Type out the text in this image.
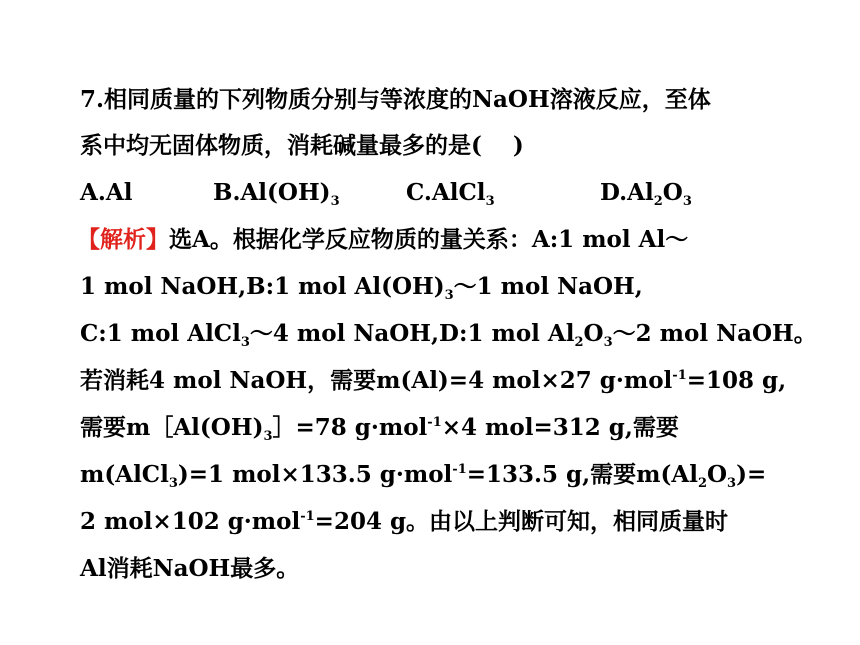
7.相同质量的下列物质分别与等浓度的NaOH溶液反应，至体
系中均无固体物质，消耗碱量最多的是(　 )
A.Al	$B.Al(OH)_3$	C.AlCl$_3$	$D.Al_2O_3$
【解析】选A。根据化学反应物质的量关系：A:1 mol Al～
1 mol NaOH,B:1 mol $Al(OH)_3\sim 1$ mol NaOH,
C:1 mol AlCl$_3$～4 mol NaOH,D:1 mol $Al_2O_3\sim 2$ mol NaOH。
若消耗4 mol NaOH，需要m(Al)=4 mol×27 g·mol$^{-1}$=108 g,
需要$m[Al(OH)_3]=78$ g·mol$^{-1}$×4 mol=312 g,需要
m(AlCl$_3$)=1 mol×133.5 g·mol$^{-1}$=133.5 g,需要$m(Al_2O_3)=$
2 mol×102 g·mol$^{-1}$=204 g。由以上判断可知，相同质量时
Al消耗NaOH最多。
